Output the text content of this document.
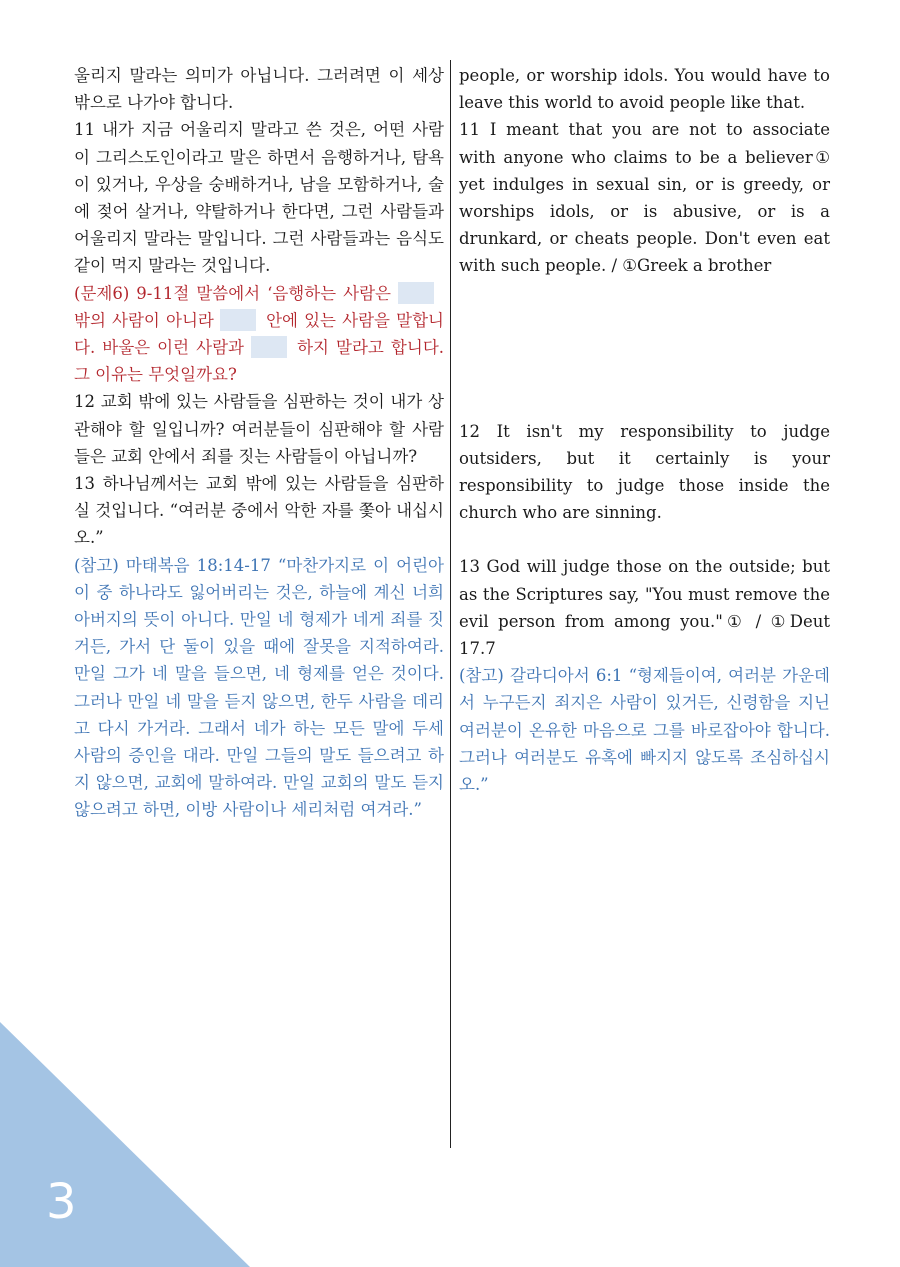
울리지 말라는 의미가 아닙니다. 그러려면 이 세상 밖으로 나가야 합니다.

11 내가 지금 어울리지 말라고 쓴 것은, 어떤 사람이 그리스도인이라고 말은 하면서 음행하거나, 탐욕이 있거나, 우상을 숭배하거나, 남을 모함하거나, 술에 젖어 살거나, 약탈하거나 한다면, 그런 사람들과 어울리지 말라는 말입니다. 그런 사람들과는 음식도 같이 먹지 말라는 것입니다.

(문제6) 9-11절 말씀에서 ‘음행하는 사람은 밖의 사람이 아니라	안에 있는 사람을 말합니다. 바울은 이런 사람과	하지 말라고 합니다. 그 이유는 무엇일까요?

12 교회 밖에 있는 사람들을 심판하는 것이 내가 상관해야 할 일입니까? 여러분들이 심판해야 할 사람들은 교회 안에서 죄를 짓는 사람들이 아닙니까?

13 하나님께서는 교회 밖에 있는 사람들을 심판하실 것입니다. “여러분 중에서 악한 자를 쫓아 내십시오.”

(참고) 마태복음 18:14-17 “마찬가지로 이 어린아이 중 하나라도 잃어버리는 것은, 하늘에 계신 너희 아버지의 뜻이 아니다. 만일 네 형제가 네게 죄를 짓거든, 가서 단 둘이 있을 때에 잘못을 지적하여라. 만일 그가 네 말을 들으면, 네 형제를 얻은 것이다. 그러나 만일 네 말을 듣지 않으면, 한두 사람을 데리고 다시 가거라. 그래서 네가 하는 모든 말에 두세 사람의 증인을 대라. 만일 그들의 말도 들으려고 하지 않으면, 교회에 말하여라. 만일 교회의 말도 듣지 않으려고 하면, 이방 사람이나 세리처럼 여겨라.”

people, or worship idols. You would have to leave this world to avoid people like that.

11 I meant that you are not to associate with anyone who claims to be a believer① yet indulges in sexual sin, or is greedy, or worships idols, or is abusive, or is a drunkard, or cheats people. Don't even eat with such people. / ①Greek a brother

12 It isn't my responsibility to judge outsiders, but it certainly is your responsibility to judge those inside the church who are sinning.

13 God will judge those on the outside; but as the Scriptures say, "You must remove the evil person from among you."① / ①Deut 17.7

(참고) 갈라디아서 6:1 “형제들이여, 여러분 가운데서 누구든지 죄지은 사람이 있거든, 신령함을 지닌 여러분이 온유한 마음으로 그를 바로잡아야 합니다. 그러나 여러분도 유혹에 빠지지 않도록 조심하십시오.”

3
